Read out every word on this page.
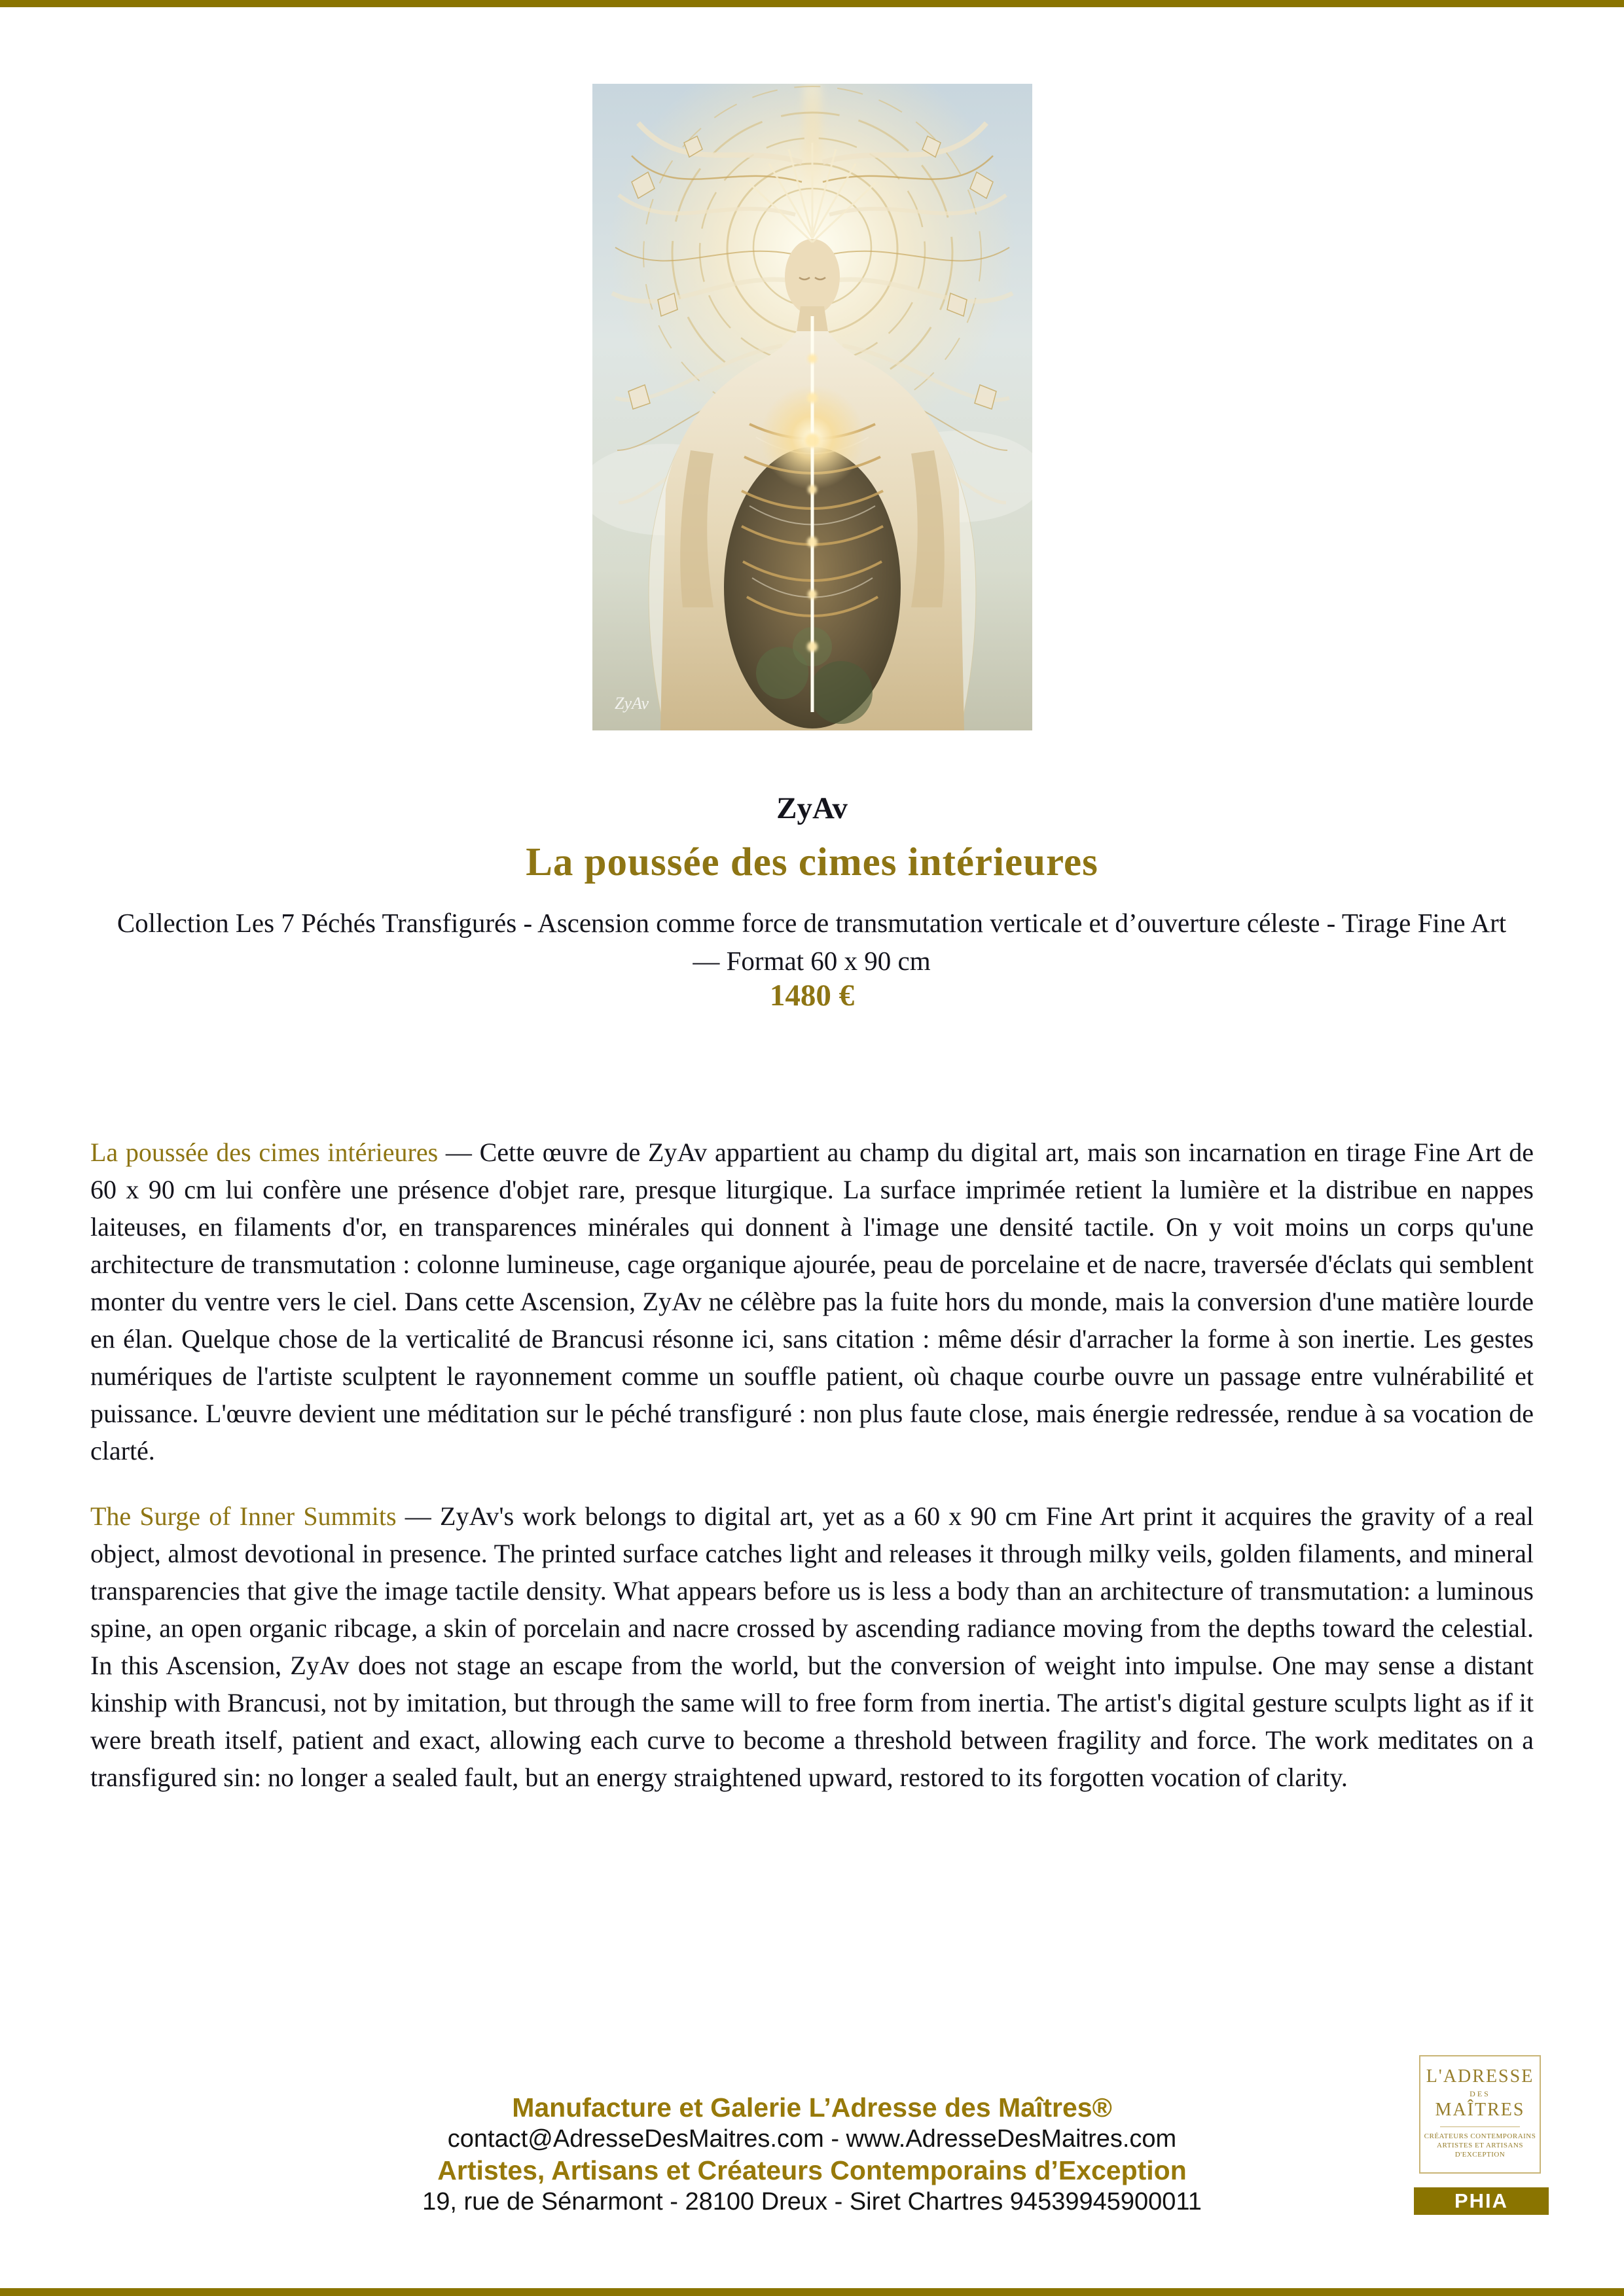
ZyAv
ZyAv
La poussée des cimes intérieures
Collection Les 7 Péchés Transfigurés - Ascension comme force de transmutation verticale et d’ouverture céleste - Tirage Fine Art — Format 60 x 90 cm
1480 €

La poussée des cimes intérieures — Cette œuvre de ZyAv appartient au champ du digital art, mais son incarnation en tirage Fine Art de 60 x 90 cm lui confère une présence d'objet rare, presque liturgique. La surface imprimée retient la lumière et la distribue en nappes laiteuses, en filaments d'or, en transparences minérales qui donnent à l'image une densité tactile. On y voit moins un corps qu'une architecture de transmutation : colonne lumineuse, cage organique ajourée, peau de porcelaine et de nacre, traversée d'éclats qui semblent monter du ventre vers le ciel. Dans cette Ascension, ZyAv ne célèbre pas la fuite hors du monde, mais la conversion d'une matière lourde en élan. Quelque chose de la verticalité de Brancusi résonne ici, sans citation : même désir d'arracher la forme à son inertie. Les gestes numériques de l'artiste sculptent le rayonnement comme un souffle patient, où chaque courbe ouvre un passage entre vulnérabilité et puissance. L'œuvre devient une méditation sur le péché transfiguré : non plus faute close, mais énergie redressée, rendue à sa vocation de clarté.

The Surge of Inner Summits — ZyAv's work belongs to digital art, yet as a 60 x 90 cm Fine Art print it acquires the gravity of a real object, almost devotional in presence. The printed surface catches light and releases it through milky veils, golden filaments, and mineral transparencies that give the image tactile density. What appears before us is less a body than an architecture of transmutation: a luminous spine, an open organic ribcage, a skin of porcelain and nacre crossed by ascending radiance moving from the depths toward the celestial. In this Ascension, ZyAv does not stage an escape from the world, but the conversion of weight into impulse. One may sense a distant kinship with Brancusi, not by imitation, but through the same will to free form from inertia. The artist's digital gesture sculpts light as if it were breath itself, patient and exact, allowing each curve to become a threshold between fragility and force. The work meditates on a transfigured sin: no longer a sealed fault, but an energy straightened upward, restored to its forgotten vocation of clarity.

Manufacture et Galerie L’Adresse des Maîtres®
contact@AdresseDesMaitres.com - www.AdresseDesMaitres.com
Artistes, Artisans et Créateurs Contemporains d’Exception
19, rue de Sénarmont - 28100 Dreux - Siret Chartres 94539945900011
L'ADRESSE
DES
MAÎTRES
CRÉATEURS CONTEMPORAINS
ARTISTES ET ARTISANS
D'EXCEPTION
PHIA
